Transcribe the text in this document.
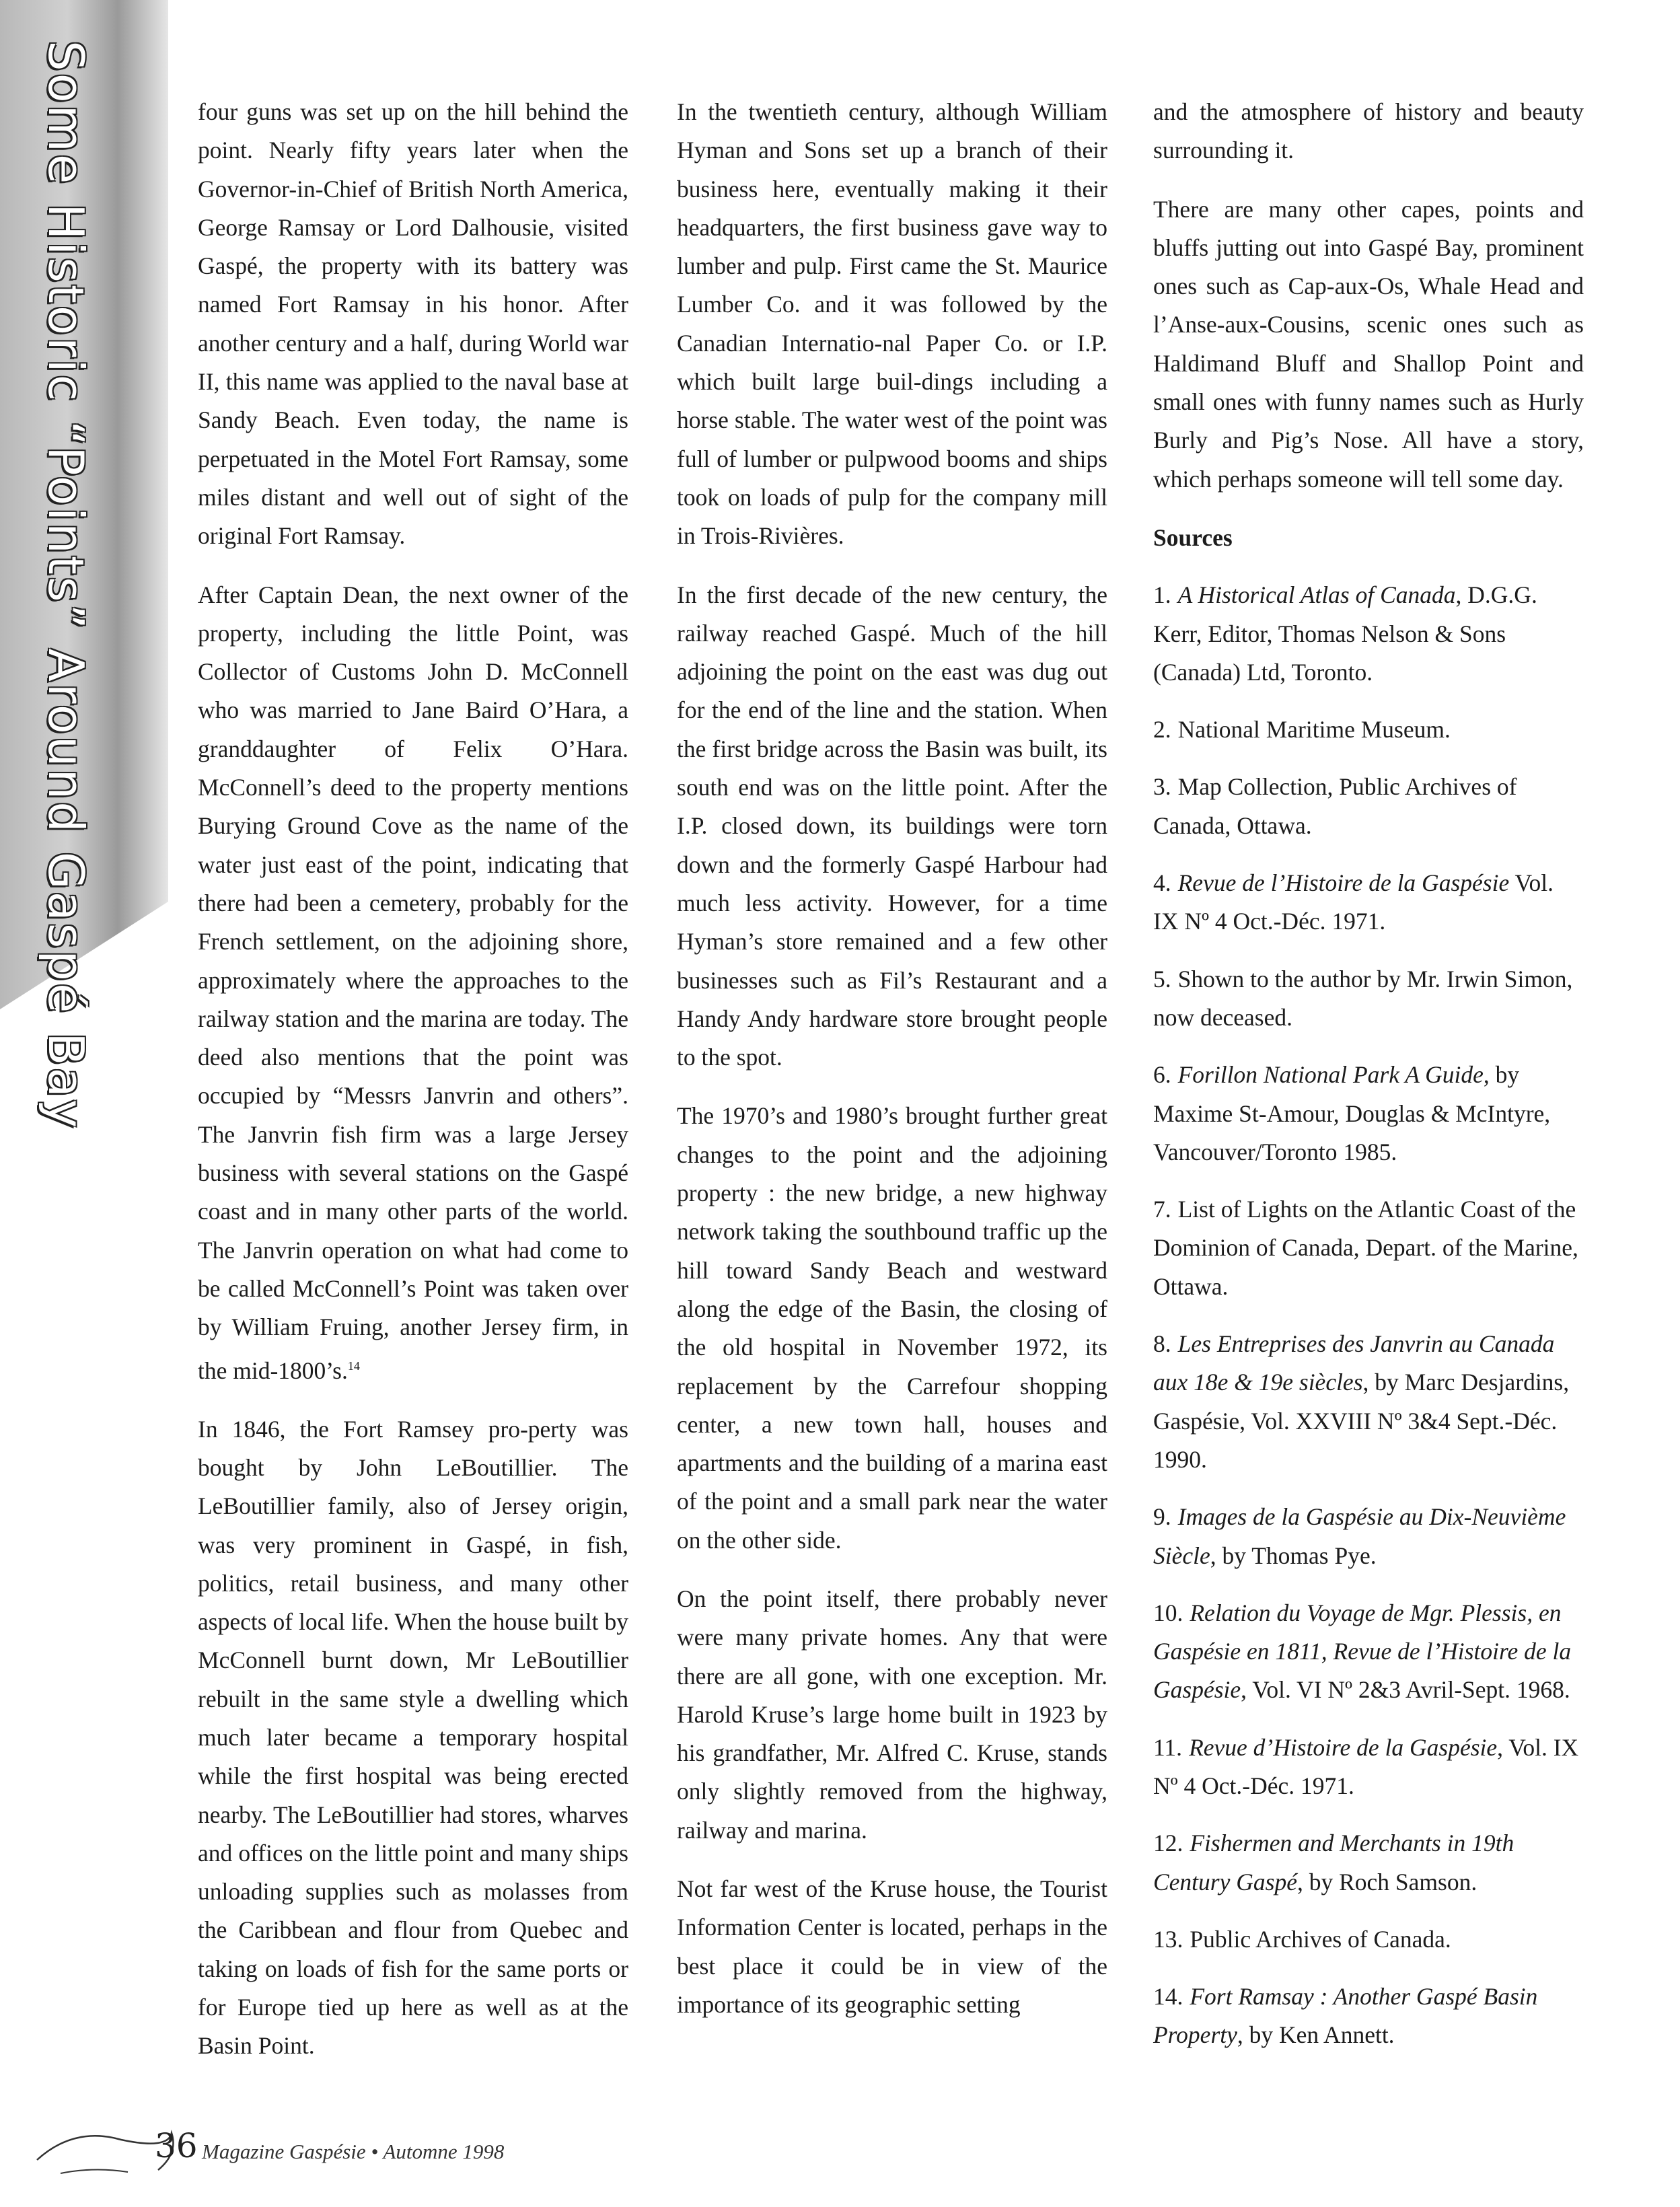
Some Historic “Points” Around Gaspé Bay	four guns was set up on the hill behind the point. Nearly fifty years later when the Governor-in-Chief of British North America, George Ramsay or Lord Dalhousie, visited Gaspé, the property with its battery was named Fort Ramsay in his honor. After another century and a half, during World war II, this name was applied to the naval base at Sandy Beach. Even today, the name is perpetuated in the Motel Fort Ramsay, some miles distant and well out of sight of the original Fort Ramsay.

After Captain Dean, the next owner of the property, including the little Point, was Collector of Customs John D. McConnell who was married to Jane Baird O’Hara, a granddaughter of Felix O’Hara. McConnell’s deed to the property mentions Burying Ground Cove as the name of the water just east of the point, indicating that there had been a cemetery, probably for the French settlement, on the adjoining shore, approximately where the approaches to the railway station and the marina are today. The deed also mentions that the point was occupied by “Messrs Janvrin and others”. The Janvrin fish firm was a large Jersey business with several stations on the Gaspé coast and in many other parts of the world. The Janvrin operation on what had come to be called McConnell’s Point was taken over by William Fruing, another Jersey firm, in the mid-1800’s.$^{14}$

In 1846, the Fort Ramsey pro-perty was bought by John LeBoutillier. The LeBoutillier family, also of Jersey origin, was very prominent in Gaspé, in fish, politics, retail business, and many other aspects of local life. When the house built by McConnell burnt down, Mr LeBoutillier rebuilt in the same style a dwelling which much later became a temporary hospital while the first hospital was being erected nearby. The LeBoutillier had stores, wharves and offices on the little point and many ships unloading supplies such as molasses from the Caribbean and flour from Quebec and taking on loads of fish for the same ports or for Europe tied up here as well as at the Basin Point.

In the twentieth century, although William Hyman and Sons set up a branch of their business here, eventually making it their headquarters, the first business gave way to lumber and pulp. First came the St. Maurice Lumber Co. and it was followed by the Canadian Internatio-nal Paper Co. or I.P. which built large buil-dings including a horse stable. The water west of the point was full of lumber or pulpwood booms and ships took on loads of pulp for the company mill in Trois-Rivières.

In the first decade of the new century, the railway reached Gaspé. Much of the hill adjoining the point on the east was dug out for the end of the line and the station. When the first bridge across the Basin was built, its south end was on the little point. After the I.P. closed down, its buildings were torn down and the formerly Gaspé Harbour had much less activity. However, for a time Hyman’s store remained and a few other businesses such as Fil’s Restaurant and a Handy Andy hardware store brought people to the spot.

The 1970’s and 1980’s brought further great changes to the point and the adjoining property : the new bridge, a new highway network taking the southbound traffic up the hill toward Sandy Beach and westward along the edge of the Basin, the closing of the old hospital in November 1972, its replacement by the Carrefour shopping center, a new town hall, houses and apartments and the building of a marina east of the point and a small park near the water on the other side.

On the point itself, there probably never were many private homes. Any that were there are all gone, with one exception. Mr. Harold Kruse’s large home built in 1923 by his grandfather, Mr. Alfred C. Kruse, stands only slightly removed from the highway, railway and marina.

Not far west of the Kruse house, the Tourist Information Center is located, perhaps in the best place it could be in view of the importance of its geographic setting

and the atmosphere of history and beauty surrounding it.

There are many other capes, points and bluffs jutting out into Gaspé Bay, prominent ones such as Cap-aux-Os, Whale Head and l’Anse-aux-Cousins, scenic ones such as Haldimand Bluff and Shallop Point and small ones with funny names such as Hurly Burly and Pig’s Nose. All have a story, which perhaps someone will tell some day.

Sources
1. A Historical Atlas of Canada, D.G.G. Kerr, Editor, Thomas Nelson & Sons (Canada) Ltd, Toronto.
2. National Maritime Museum.
3. Map Collection, Public Archives of Canada, Ottawa.
4. Revue de l’Histoire de la Gaspésie Vol. IX Nº 4 Oct.-Déc. 1971.
5. Shown to the author by Mr. Irwin Simon, now deceased.
6. Forillon National Park A Guide, by Maxime St-Amour, Douglas & McIntyre, Vancouver/Toronto 1985.
7. List of Lights on the Atlantic Coast of the Dominion of Canada, Depart. of the Marine, Ottawa.
8. Les Entreprises des Janvrin au Canada aux 18e & 19e siècles, by Marc Desjardins, Gaspésie, Vol. XXVIII Nº 3&4 Sept.-Déc. 1990.
9. Images de la Gaspésie au Dix-Neuvième Siècle, by Thomas Pye.
10. Relation du Voyage de Mgr. Plessis, en Gaspésie en 1811, Revue de l’Histoire de la Gaspésie, Vol. VI Nº 2&3 Avril-Sept. 1968.
11. Revue d’Histoire de la Gaspésie, Vol. IX Nº 4 Oct.-Déc. 1971.
12. Fishermen and Merchants in 19th Century Gaspé, by Roch Samson.
13. Public Archives of Canada.
14. Fort Ramsay : Another Gaspé Basin Property, by Ken Annett.
36 Magazine Gaspésie • Automne 1998
